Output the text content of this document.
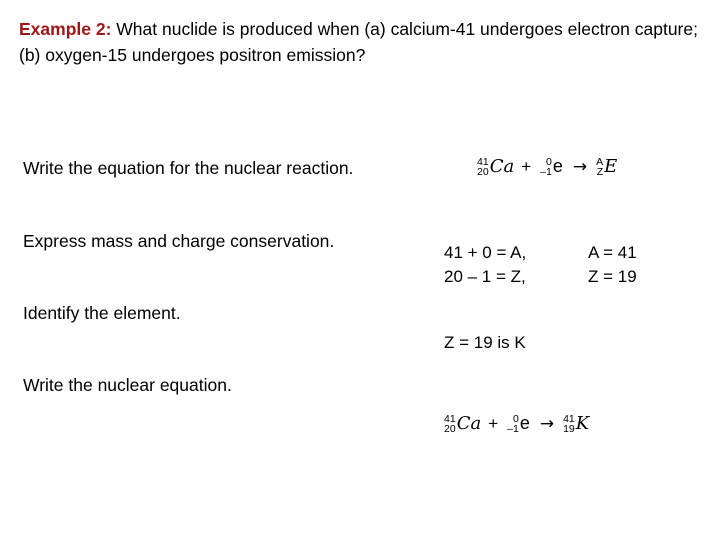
Example 2: What nuclide is produced when (a) calcium-41 undergoes electron capture; (b) oxygen-15 undergoes positron emission?
Write the equation for the nuclear reaction.
Express mass and charge conservation.
Identify the element.
Write the nuclear equation.
41
20 Ca +	0
–1 e → A
Z E
41 + 0 = A,
20 – 1 = Z,
A = 41
Z = 19
Z = 19 is K
41
20 Ca +	0
–1 e → 41
19 K
